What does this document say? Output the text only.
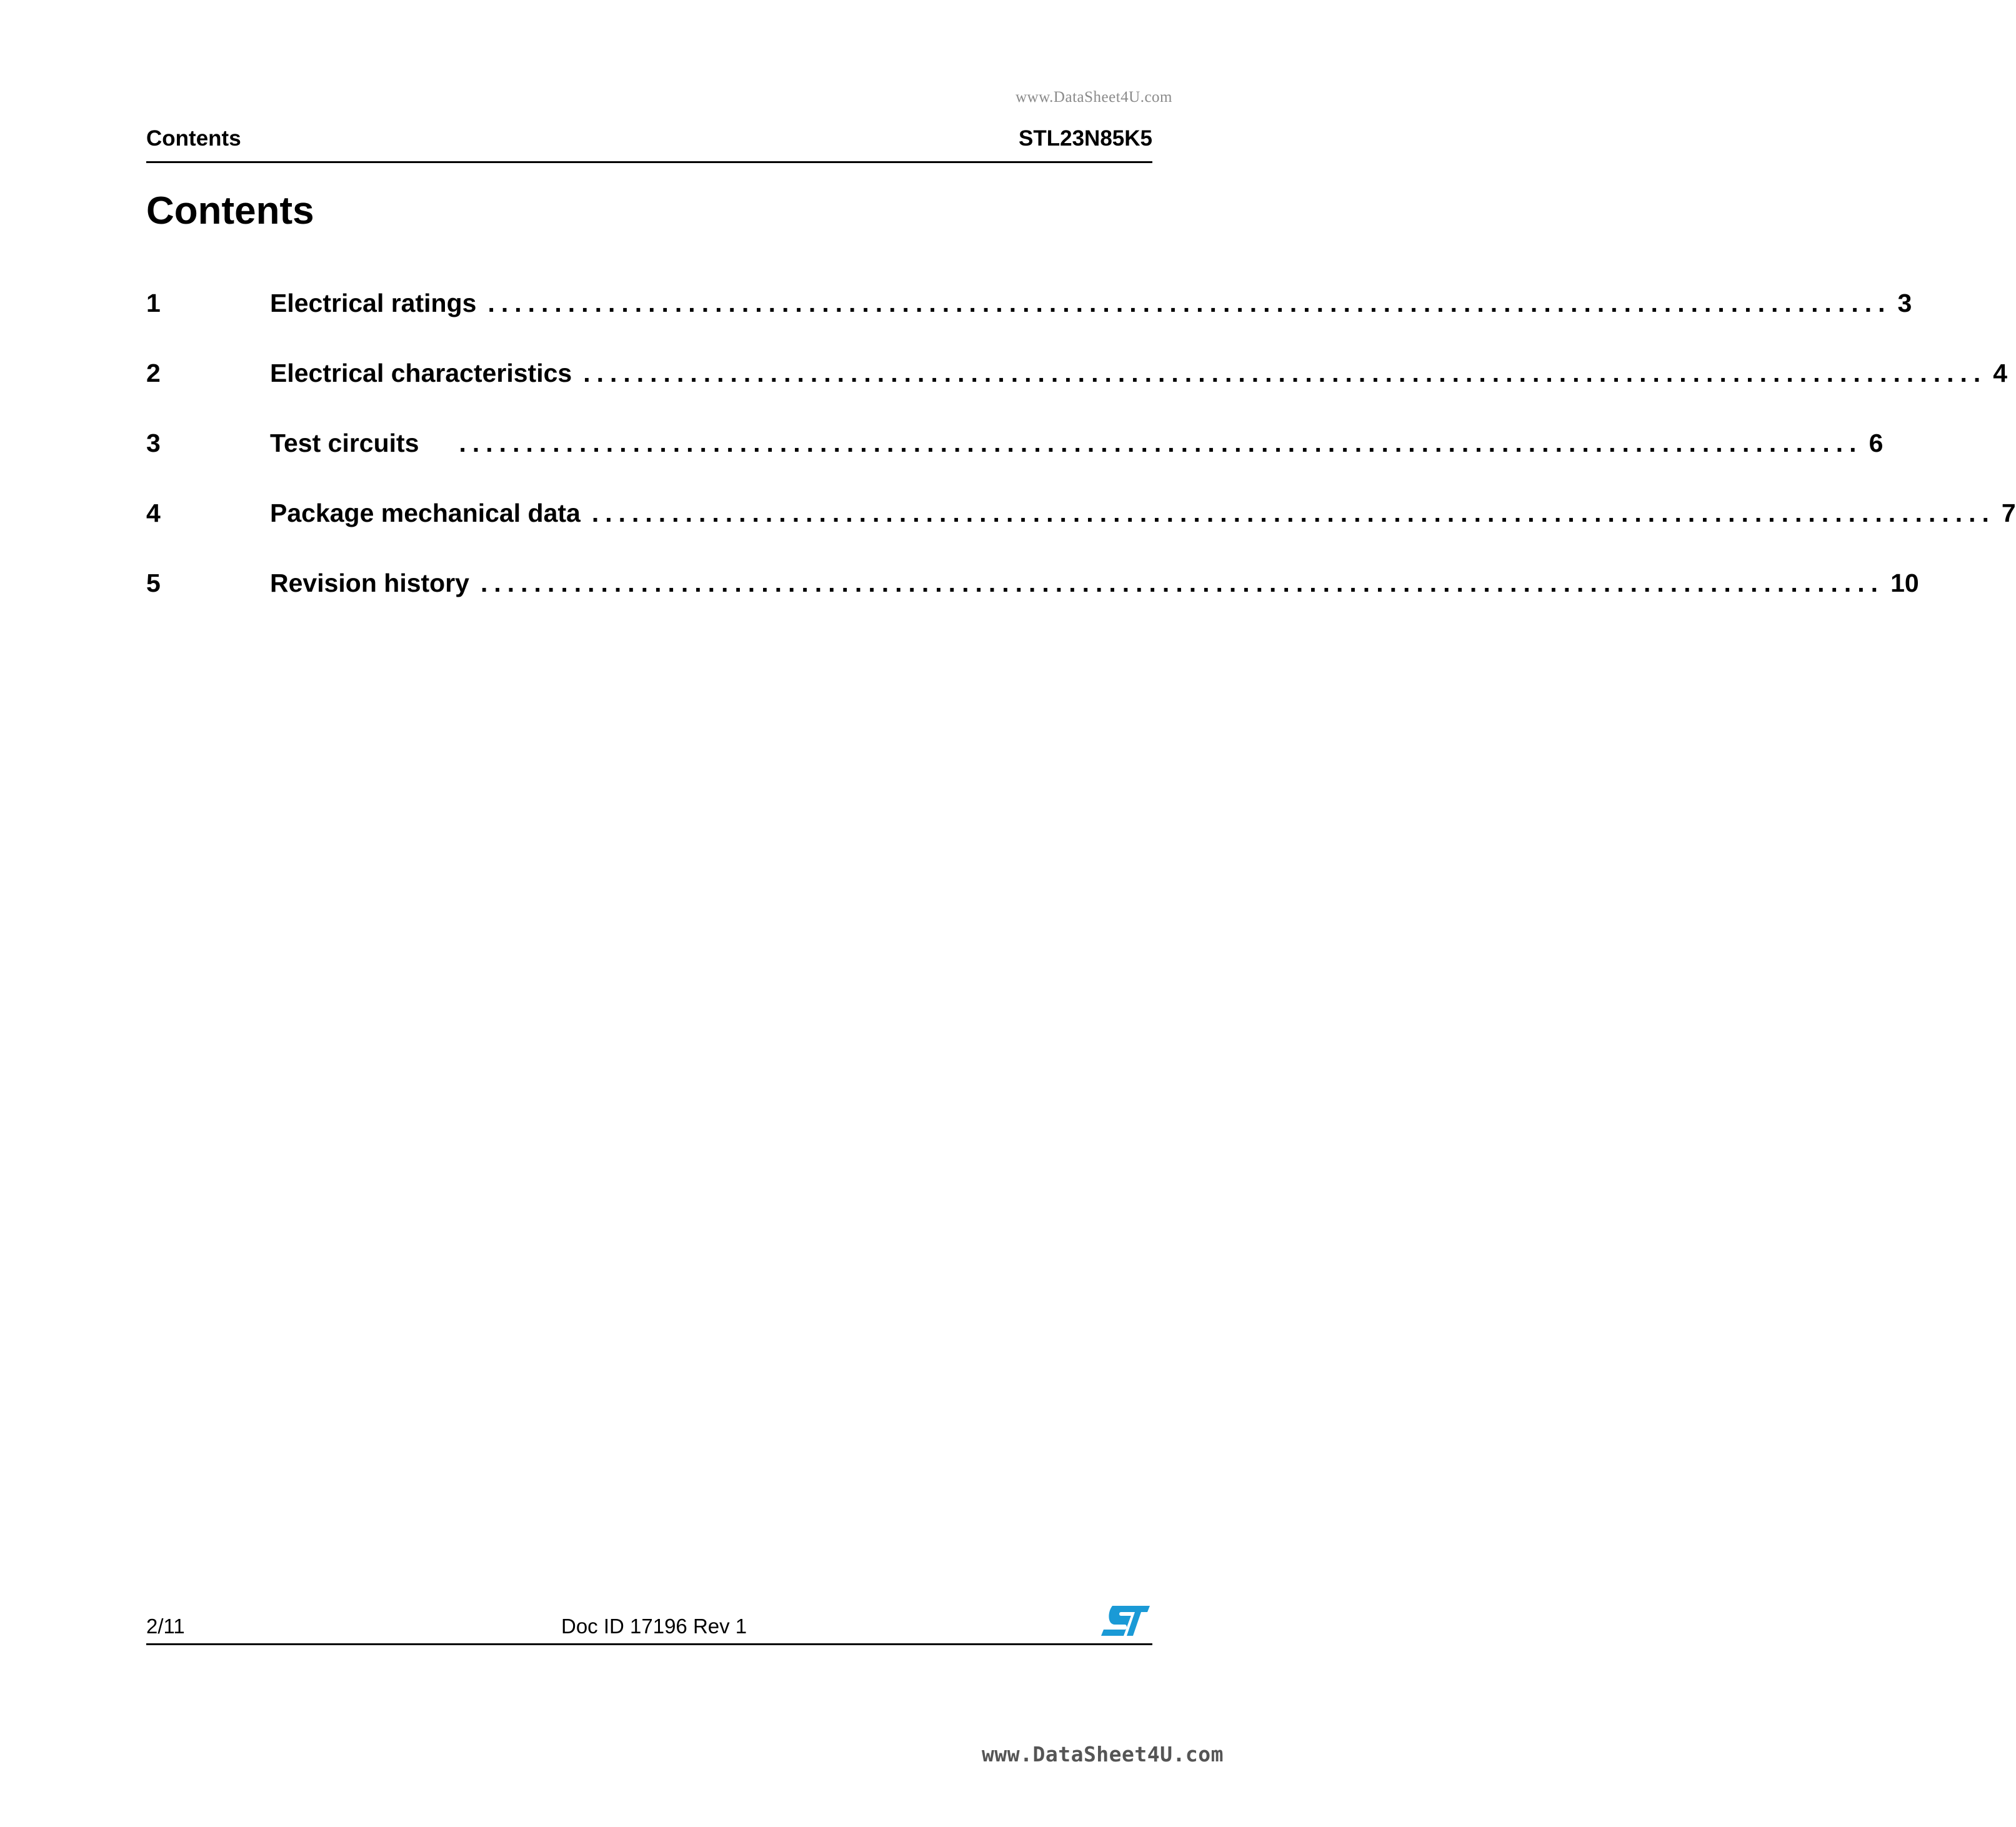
www.DataSheet4U.com
Contents	STL23N85K5
Contents
1	Electrical ratings ......................................................................................................... 3
2	Electrical characteristics ......................................................................................................... 4
3	Test circuits	......................................................................................................... 6
4	Package mechanical data ......................................................................................................... 7
5	Revision history ......................................................................................................... 10
2/11	Doc ID 17196 Rev 1
www.DataSheet4U.com
